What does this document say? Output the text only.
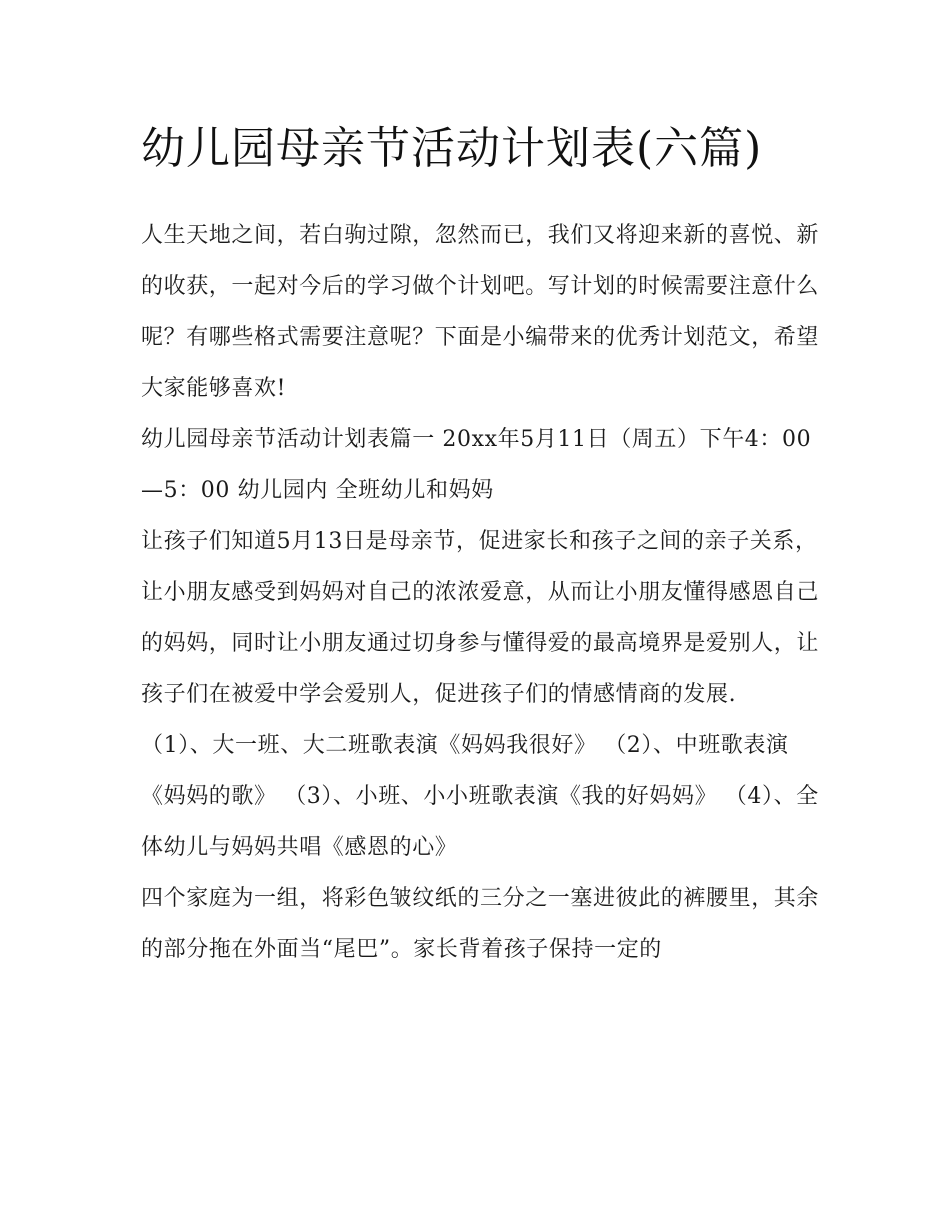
幼儿园母亲节活动计划表(六篇)

人生天地之间，若白驹过隙，忽然而已，我们又将迎来新的喜悦、新的收获，一起对今后的学习做个计划吧。写计划的时候需要注意什么呢？有哪些格式需要注意呢？下面是小编带来的优秀计划范文，希望大家能够喜欢!

幼儿园母亲节活动计划表篇一 20xx年5月11日（周五）下午4：00—5：00 幼儿园内 全班幼儿和妈妈

让孩子们知道5月13日是母亲节，促进家长和孩子之间的亲子关系，让小朋友感受到妈妈对自己的浓浓爱意，从而让小朋友懂得感恩自己的妈妈，同时让小朋友通过切身参与懂得爱的最高境界是爱别人，让孩子们在被爱中学会爱别人，促进孩子们的情感情商的发展.

（1）、大一班、大二班歌表演《妈妈我很好》 （2）、中班歌表演《妈妈的歌》 （3）、小班、小小班歌表演《我的好妈妈》 （4）、全体幼儿与妈妈共唱《感恩的心》

四个家庭为一组，将彩色皱纹纸的三分之一塞进彼此的裤腰里，其余的部分拖在外面当“尾巴”。家长背着孩子保持一定的
